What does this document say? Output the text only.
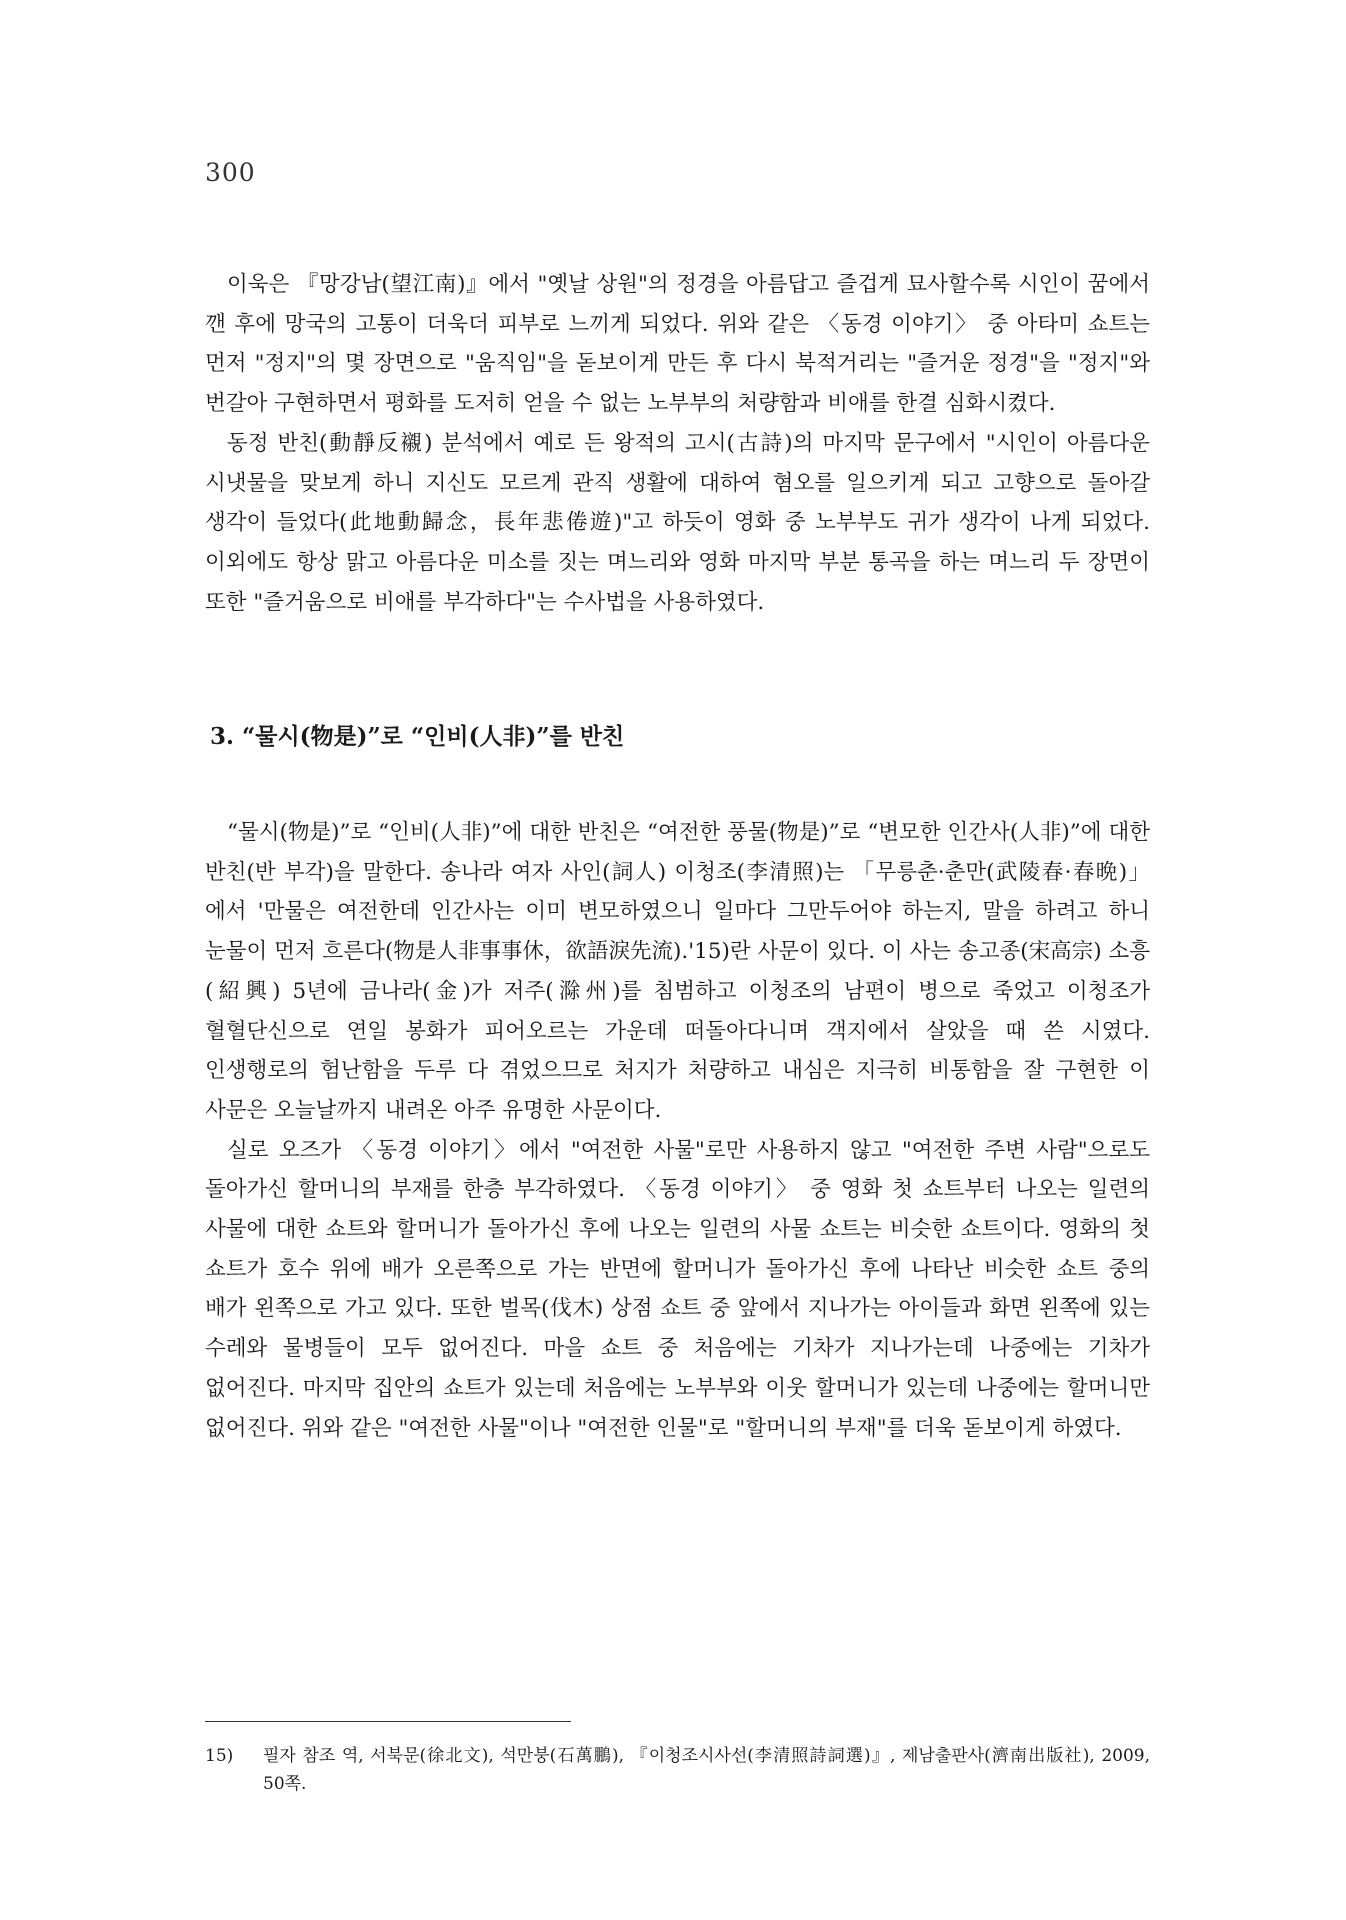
300

이욱은 『망강남(望江南)』에서 "옛날 상원"의 정경을 아름답고 즐겁게 묘사할수록 시인이 꿈에서 깬 후에 망국의 고통이 더욱더 피부로 느끼게 되었다. 위와 같은 〈동경 이야기〉 중 아타미 쇼트는 먼저 "정지"의 몇 장면으로 "움직임"을 돋보이게 만든 후 다시 북적거리는 "즐거운 정경"을 "정지"와 번갈아 구현하면서 평화를 도저히 얻을 수 없는 노부부의 처량함과 비애를 한결 심화시켰다.

동정 반친(動靜反襯) 분석에서 예로 든 왕적의 고시(古詩)의 마지막 문구에서 "시인이 아름다운 시냇물을 맞보게 하니 지신도 모르게 관직 생활에 대하여 혐오를 일으키게 되고 고향으로 돌아갈 생각이 들었다(此地動歸念，長年悲倦遊)"고 하듯이 영화 중 노부부도 귀가 생각이 나게 되었다. 이외에도 항상 맑고 아름다운 미소를 짓는 며느리와 영화 마지막 부분 통곡을 하는 며느리 두 장면이 또한 "즐거움으로 비애를 부각하다"는 수사법을 사용하였다.

3. “물시(物是)”로 “인비(人非)”를 반친

“물시(物是)”로 “인비(人非)”에 대한 반친은 “여전한 풍물(物是)”로 “변모한 인간사(人非)”에 대한 반친(반 부각)을 말한다. 송나라 여자 사인(詞人) 이청조(李清照)는 「무릉춘·춘만(武陵春·春晩)」 에서 '만물은 여전한데 인간사는 이미 변모하였으니 일마다 그만두어야 하는지, 말을 하려고 하니 눈물이 먼저 흐른다(物是人非事事休，欲語淚先流).'15)란 사문이 있다. 이 사는 송고종(宋高宗) 소흥(紹興) 5년에 금나라(金)가 저주(滁州)를 침범하고 이청조의 남편이 병으로 죽었고 이청조가 혈혈단신으로 연일 봉화가 피어오르는 가운데 떠돌아다니며 객지에서 살았을 때 쓴 시였다. 인생행로의 험난함을 두루 다 겪었으므로 처지가 처량하고 내심은 지극히 비통함을 잘 구현한 이 사문은 오늘날까지 내려온 아주 유명한 사문이다.

실로 오즈가 〈동경 이야기〉에서 "여전한 사물"로만 사용하지 않고 "여전한 주변 사람"으로도 돌아가신 할머니의 부재를 한층 부각하였다. 〈동경 이야기〉 중 영화 첫 쇼트부터 나오는 일련의 사물에 대한 쇼트와 할머니가 돌아가신 후에 나오는 일련의 사물 쇼트는 비슷한 쇼트이다. 영화의 첫 쇼트가 호수 위에 배가 오른쪽으로 가는 반면에 할머니가 돌아가신 후에 나타난 비슷한 쇼트 중의 배가 왼쪽으로 가고 있다. 또한 벌목(伐木) 상점 쇼트 중 앞에서 지나가는 아이들과 화면 왼쪽에 있는 수레와 물병들이 모두 없어진다. 마을 쇼트 중 처음에는 기차가 지나가는데 나중에는 기차가 없어진다. 마지막 집안의 쇼트가 있는데 처음에는 노부부와 이웃 할머니가 있는데 나중에는 할머니만 없어진다. 위와 같은 "여전한 사물"이나 "여전한 인물"로 "할머니의 부재"를 더욱 돋보이게 하였다.

15)	필자 참조 역, 서북문(徐北文), 석만붕(石萬鵬), 『이청조시사선(李清照詩詞選)』, 제남출판사(濟南出版社), 2009, 50쪽.
